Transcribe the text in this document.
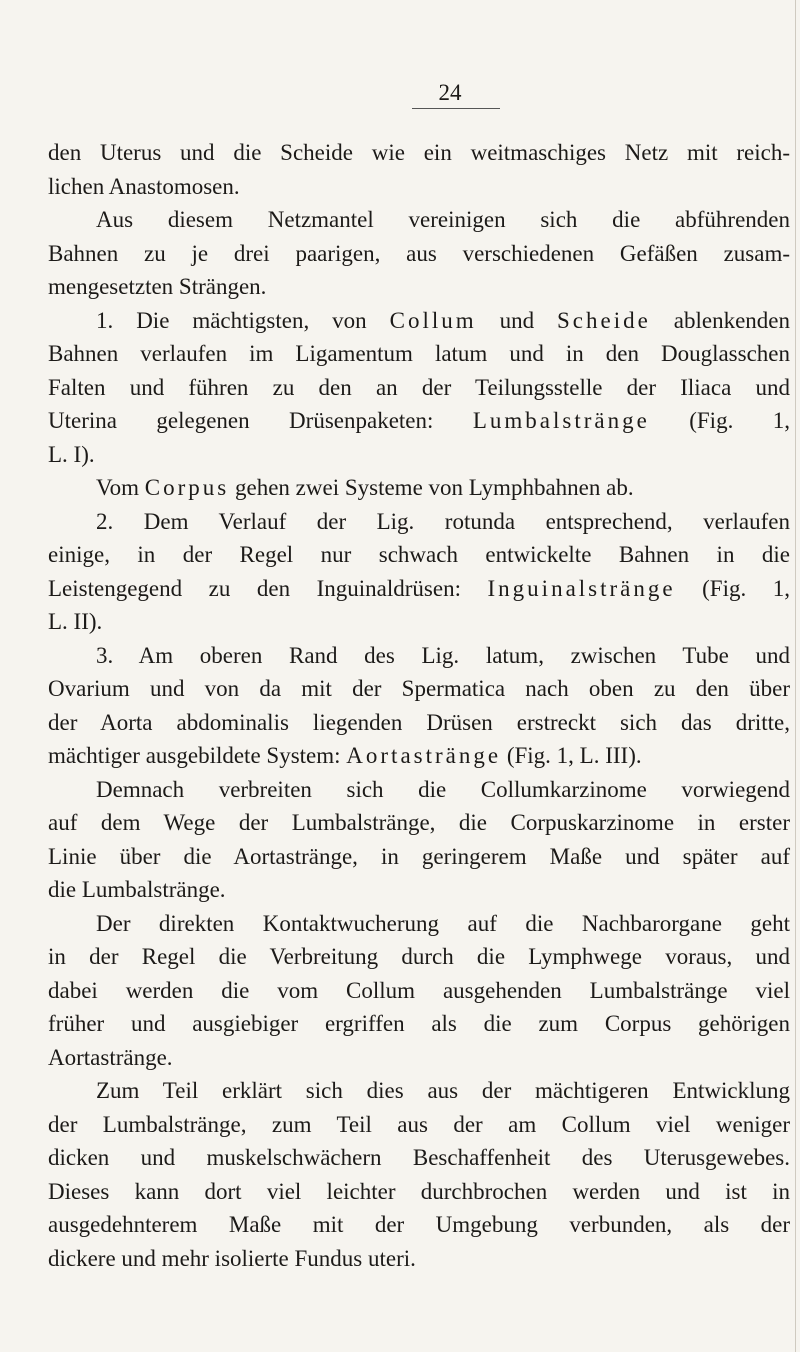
24
den Uterus und die Scheide wie ein weitmaschiges Netz mit reich-
lichen Anastomosen.
Aus diesem Netzmantel vereinigen sich die abführenden
Bahnen zu je drei paarigen, aus verschiedenen Gefäßen zusam-
mengesetzten Strängen.
1. Die mächtigsten, von Collum und Scheide ablenkenden
Bahnen verlaufen im Ligamentum latum und in den Douglasschen
Falten und führen zu den an der Teilungsstelle der Iliaca und
Uterina gelegenen Drüsenpaketen: Lumbalstränge (Fig. 1,
L. I).
Vom Corpus gehen zwei Systeme von Lymphbahnen ab.
2. Dem Verlauf der Lig. rotunda entsprechend, verlaufen
einige, in der Regel nur schwach entwickelte Bahnen in die
Leistengegend zu den Inguinaldrüsen: Inguinalstränge (Fig. 1,
L. II).
3. Am oberen Rand des Lig. latum, zwischen Tube und
Ovarium und von da mit der Spermatica nach oben zu den über
der Aorta abdominalis liegenden Drüsen erstreckt sich das dritte,
mächtiger ausgebildete System: Aortastränge (Fig. 1, L. III).
Demnach verbreiten sich die Collumkarzinome vorwiegend
auf dem Wege der Lumbalstränge, die Corpuskarzinome in erster
Linie über die Aortastränge, in geringerem Maße und später auf
die Lumbalstränge.
Der direkten Kontaktwucherung auf die Nachbarorgane geht
in der Regel die Verbreitung durch die Lymphwege voraus, und
dabei werden die vom Collum ausgehenden Lumbalstränge viel
früher und ausgiebiger ergriffen als die zum Corpus gehörigen
Aortastränge.
Zum Teil erklärt sich dies aus der mächtigeren Entwicklung
der Lumbalstränge, zum Teil aus der am Collum viel weniger
dicken und muskelschwächern Beschaffenheit des Uterusgewebes.
Dieses kann dort viel leichter durchbrochen werden und ist in
ausgedehnterem Maße mit der Umgebung verbunden, als der
dickere und mehr isolierte Fundus uteri.
